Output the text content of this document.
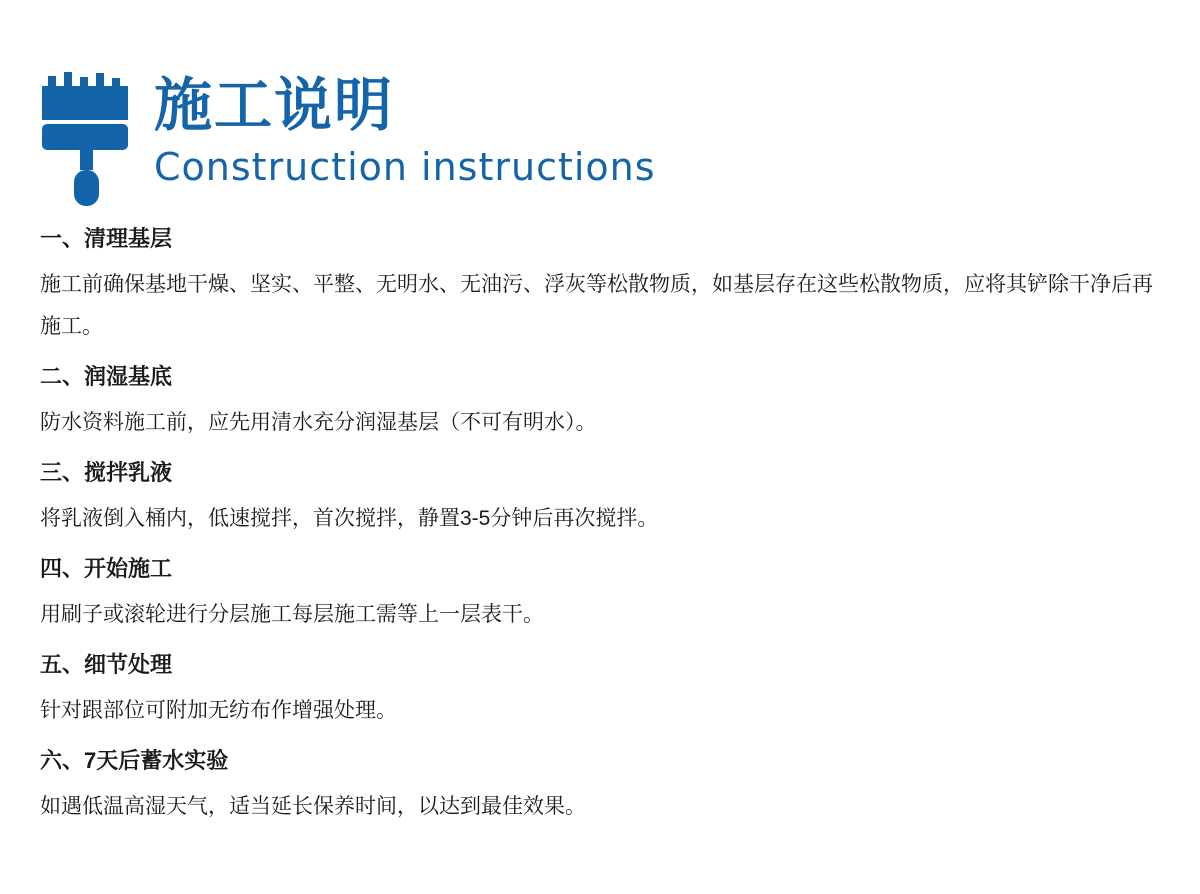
施工说明
Construction instructions
一、清理基层
施工前确保基地干燥、坚实、平整、无明水、无油污、浮灰等松散物质，如基层存在这些松散物质，应将其铲除干净后再施工。
二、润湿基底
防水资料施工前，应先用清水充分润湿基层（不可有明水）。
三、搅拌乳液
将乳液倒入桶内，低速搅拌，首次搅拌，静置3-5分钟后再次搅拌。
四、开始施工
用刷子或滚轮进行分层施工每层施工需等上一层表干。
五、细节处理
针对跟部位可附加无纺布作增强处理。
六、7天后蓄水实验
如遇低温高湿天气，适当延长保养时间，以达到最佳效果。
